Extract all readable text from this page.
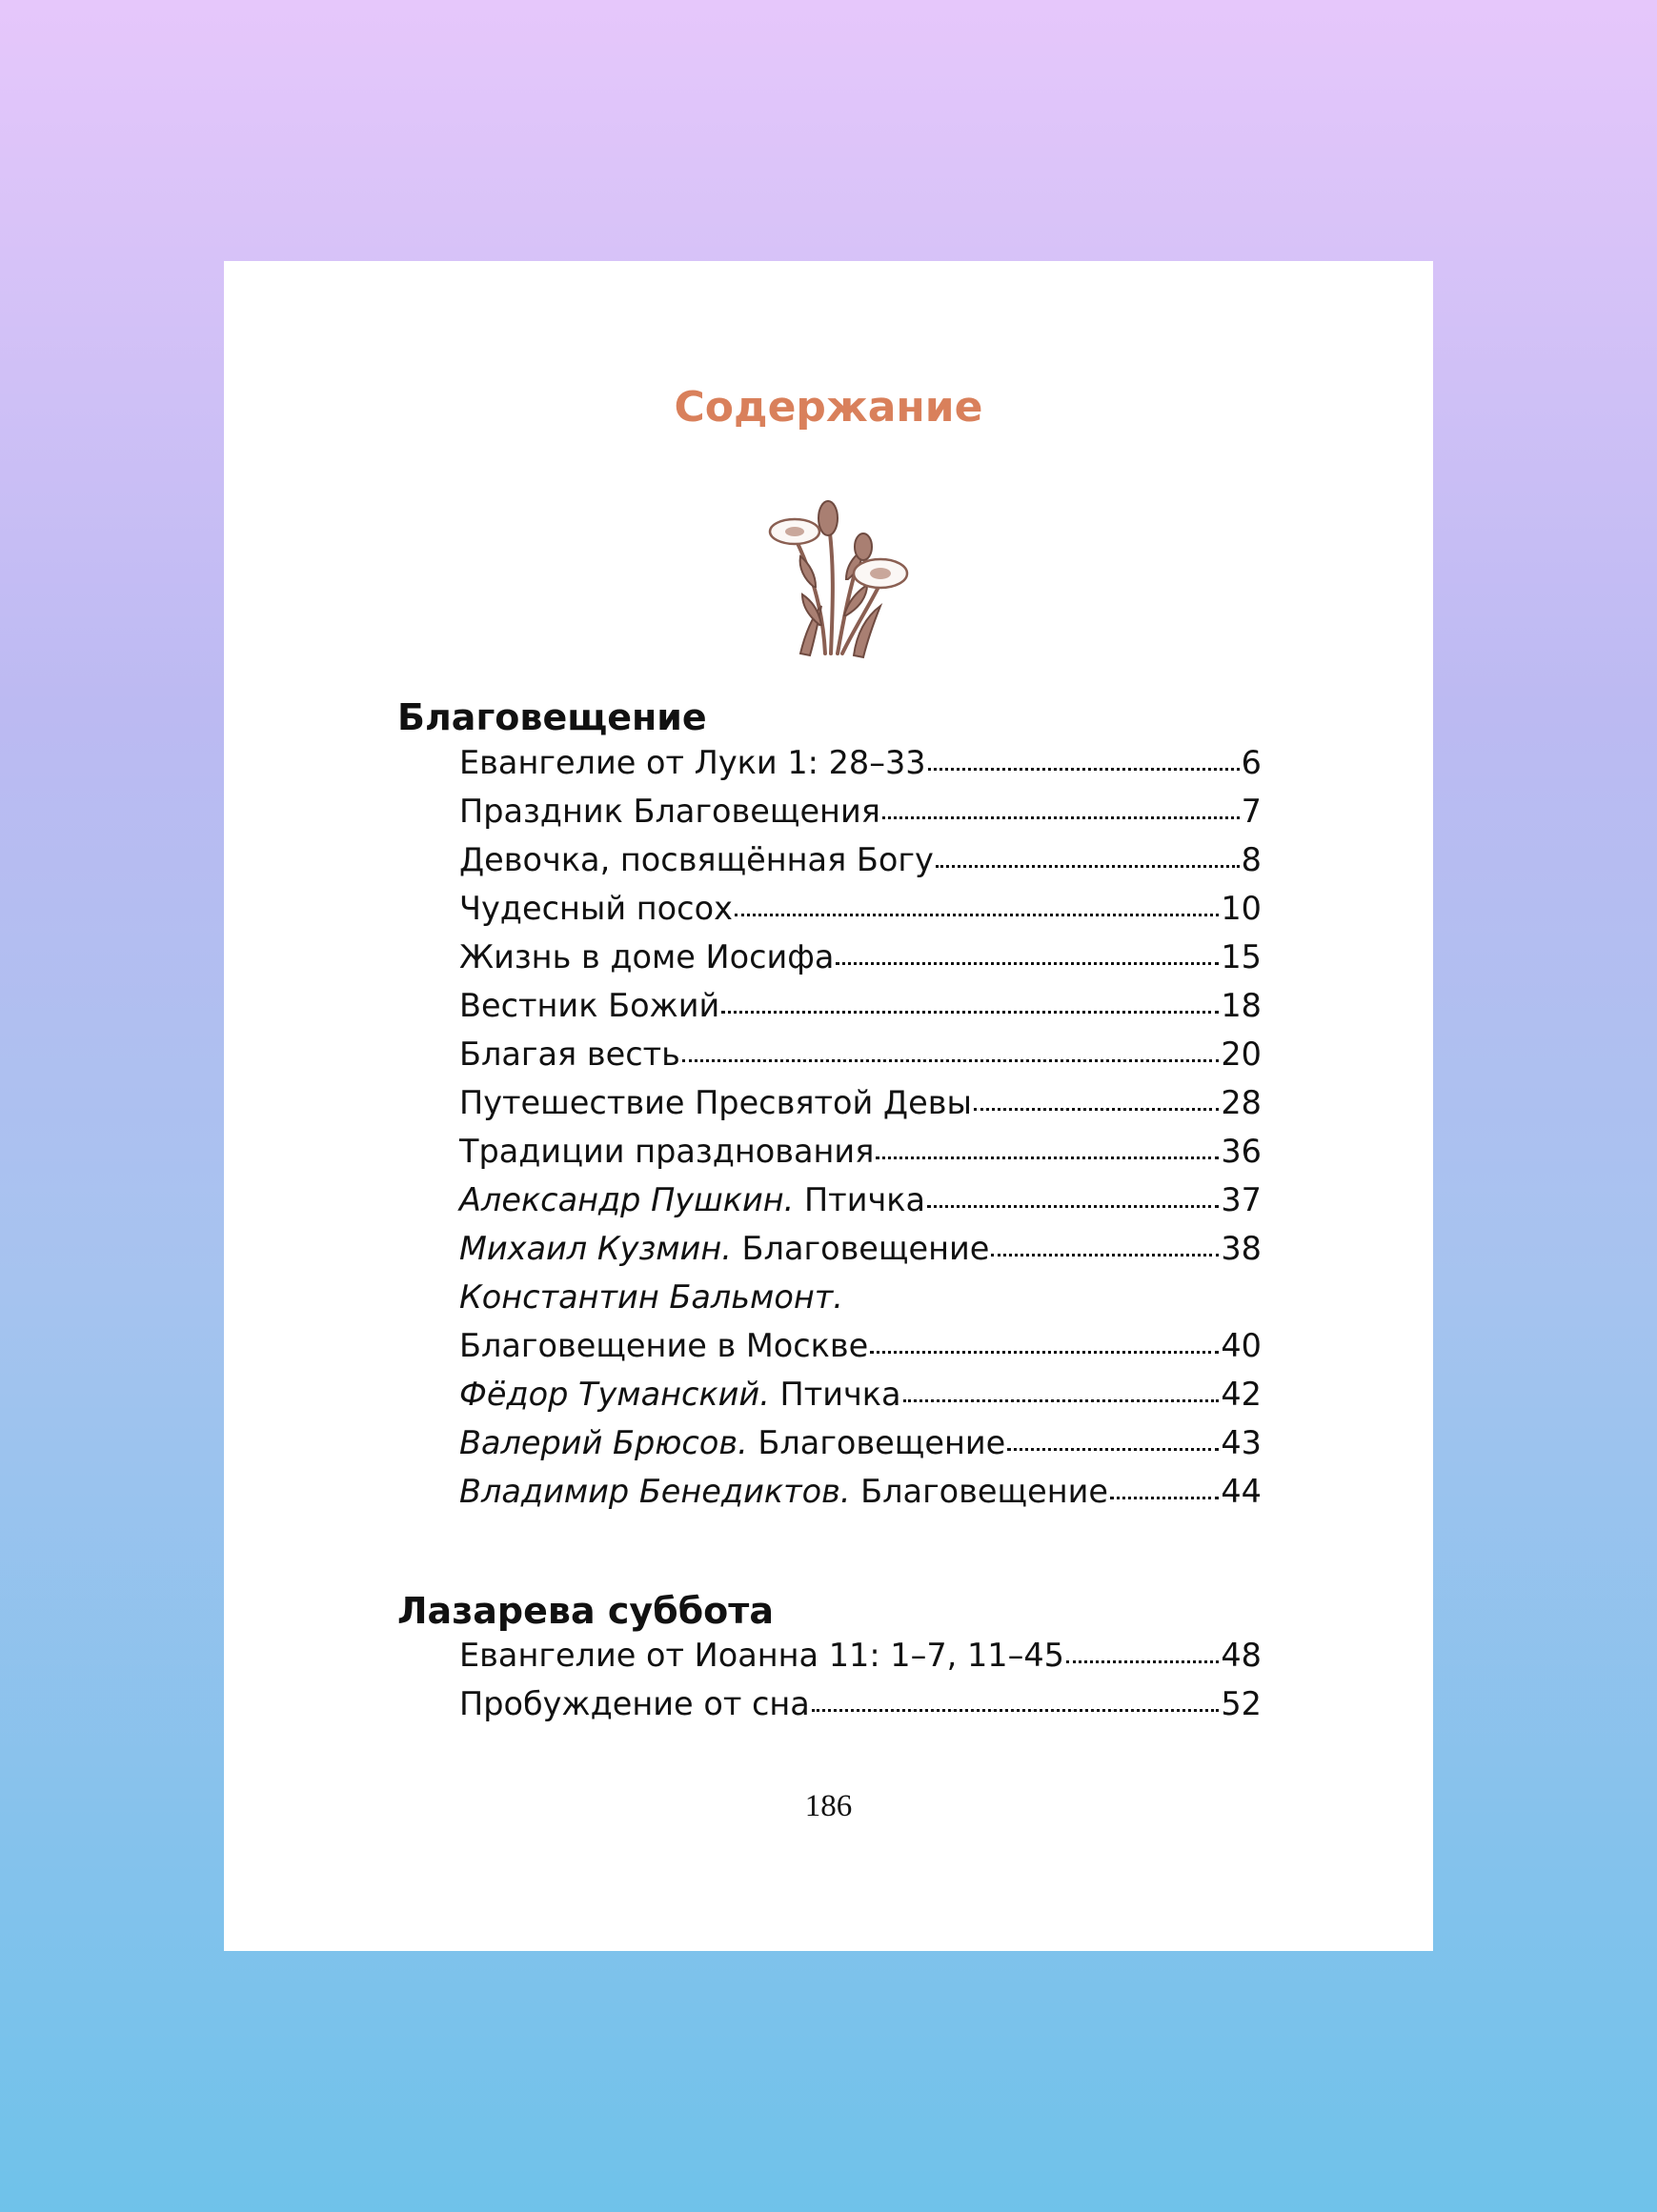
Содержание
Благовещение
Евангелие от Луки 1: 28–33	6
Праздник Благовещения	7
Девочка, посвящённая Богу	8
Чудесный посох	10
Жизнь в доме Иосифа	15
Вестник Божий	18
Благая весть	20
Путешествие Пресвятой Девы	28
Традиции празднования	36
Александр Пушкин. Птичка	37
Михаил Кузмин. Благовещение	38
Константин Бальмонт.
Благовещение в Москве	40
Фёдор Туманский. Птичка	42
Валерий Брюсов. Благовещение	43
Владимир Бенедиктов. Благовещение	44
Лазарева суббота
Евангелие от Иоанна 11: 1–7, 11–45	48
Пробуждение от сна	52
186
